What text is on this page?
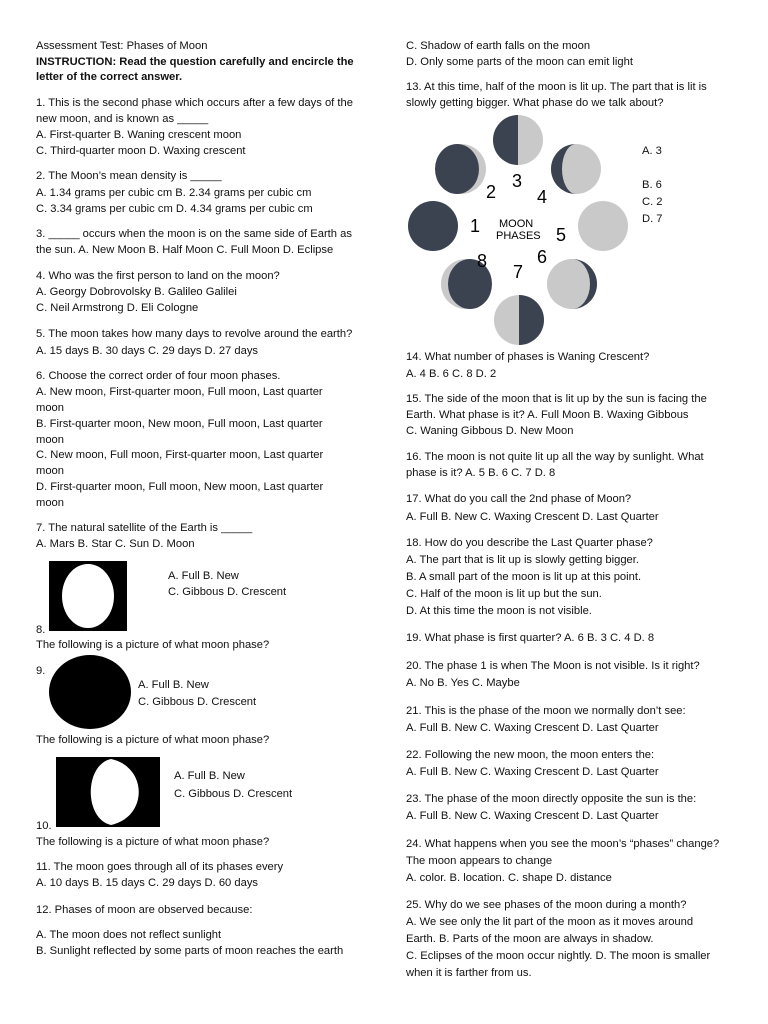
Assessment Test: Phases of Moon
INSTRUCTION: Read the question carefully and encircle the
letter of the correct answer.
1. This is the second phase which occurs after a few days of the
new moon, and is known as _____
A. First-quarter B. Waning crescent moon
C. Third-quarter moon D. Waxing crescent
2. The Moon’s mean density is _____
A. 1.34 grams per cubic cm B. 2.34 grams per cubic cm
C. 3.34 grams per cubic cm D. 4.34 grams per cubic cm
3. _____ occurs when the moon is on the same side of Earth as
the sun. A. New Moon B. Half Moon C. Full Moon D. Eclipse
4. Who was the first person to land on the moon?
A. Georgy Dobrovolsky B. Galileo Galilei
C. Neil Armstrong D. Eli Cologne
5. The moon takes how many days to revolve around the earth?
A. 15 days B. 30 days C. 29 days D. 27 days
6. Choose the correct order of four moon phases.
A. New moon, First-quarter moon, Full moon, Last quarter
moon
B. First-quarter moon, New moon, Full moon, Last quarter
moon
C. New moon, Full moon, First-quarter moon, Last quarter
moon
D. First-quarter moon, Full moon, New moon, Last quarter
moon
7. The natural satellite of the Earth is _____
A. Mars B. Star C. Sun D. Moon
A. Full B. New
C. Gibbous D. Crescent
8.
The following is a picture of what moon phase?
9.
A. Full B. New
C. Gibbous D. Crescent
The following is a picture of what moon phase?
A. Full B. New
C. Gibbous D. Crescent
10.
The following is a picture of what moon phase?
11. The moon goes through all of its phases every
A. 10 days B. 15 days C. 29 days D. 60 days
12. Phases of moon are observed because:
A. The moon does not reflect sunlight
B. Sunlight reflected by some parts of moon reaches the earth
C. Shadow of earth falls on the moon
D. Only some parts of the moon can emit light
13. At this time, half of the moon is lit up. The part that is lit is
slowly getting bigger. What phase do we talk about?
1
2
3
4
5
6
7
8
MOON
PHASES
A. 3
B. 6
C. 2
D. 7
14. What number of phases is Waning Crescent?
A. 4 B. 6 C. 8 D. 2
15. The side of the moon that is lit up by the sun is facing the
Earth. What phase is it? A. Full Moon B. Waxing Gibbous
C. Waning Gibbous D. New Moon
16. The moon is not quite lit up all the way by sunlight. What
phase is it? A. 5 B. 6 C. 7 D. 8
17. What do you call the 2nd phase of Moon?
A. Full B. New C. Waxing Crescent D. Last Quarter
18. How do you describe the Last Quarter phase?
A. The part that is lit up is slowly getting bigger.
B. A small part of the moon is lit up at this point.
C. Half of the moon is lit up but the sun.
D. At this time the moon is not visible.
19. What phase is first quarter? A. 6 B. 3 C. 4 D. 8
20. The phase 1 is when The Moon is not visible. Is it right?
A. No B. Yes C. Maybe
21. This is the phase of the moon we normally don’t see:
A. Full B. New C. Waxing Crescent D. Last Quarter
22. Following the new moon, the moon enters the:
A. Full B. New C. Waxing Crescent D. Last Quarter
23. The phase of the moon directly opposite the sun is the:
A. Full B. New C. Waxing Crescent D. Last Quarter
24. What happens when you see the moon’s “phases” change?
The moon appears to change
A. color. B. location. C. shape D. distance
25. Why do we see phases of the moon during a month?
A. We see only the lit part of the moon as it moves around
Earth. B. Parts of the moon are always in shadow.
C. Eclipses of the moon occur nightly. D. The moon is smaller
when it is farther from us.
